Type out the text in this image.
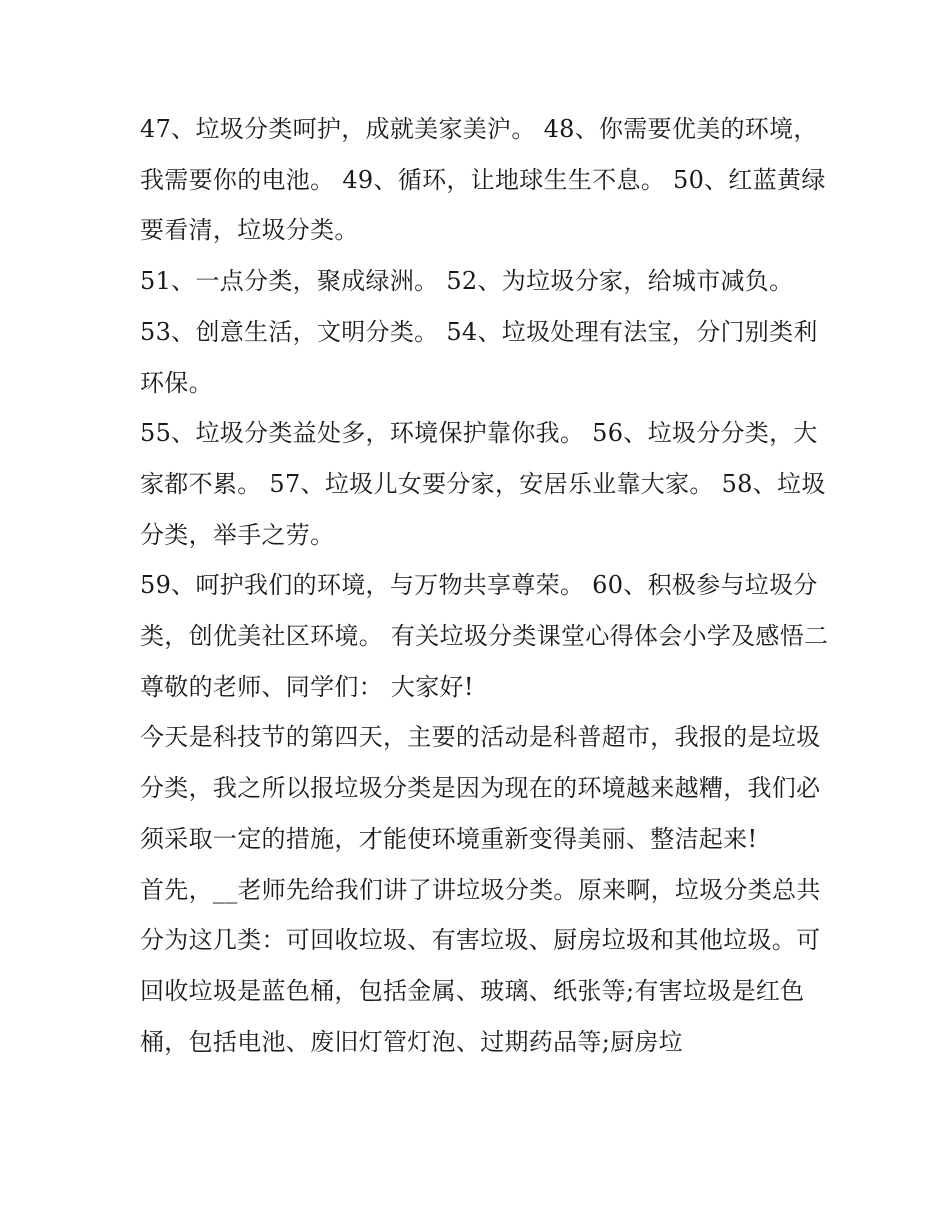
47、垃圾分类呵护，成就美家美沪。 48、你需要优美的环境，我需要你的电池。 49、循环，让地球生生不息。 50、红蓝黄绿要看清，垃圾分类。

51、一点分类，聚成绿洲。 52、为垃圾分家，给城市减负。

53、创意生活，文明分类。 54、垃圾处理有法宝，分门别类利环保。

55、垃圾分类益处多，环境保护靠你我。 56、垃圾分分类，大家都不累。 57、垃圾儿女要分家，安居乐业靠大家。 58、垃圾分类，举手之劳。

59、呵护我们的环境，与万物共享尊荣。 60、积极参与垃圾分类，创优美社区环境。 有关垃圾分类课堂心得体会小学及感悟二 尊敬的老师、同学们： 大家好!

今天是科技节的第四天，主要的活动是科普超市，我报的是垃圾分类，我之所以报垃圾分类是因为现在的环境越来越糟，我们必须采取一定的措施，才能使环境重新变得美丽、整洁起来!

首先，__老师先给我们讲了讲垃圾分类。原来啊，垃圾分类总共分为这几类：可回收垃圾、有害垃圾、厨房垃圾和其他垃圾。可回收垃圾是蓝色桶，包括金属、玻璃、纸张等;有害垃圾是红色桶，包括电池、废旧灯管灯泡、过期药品等;厨房垃
